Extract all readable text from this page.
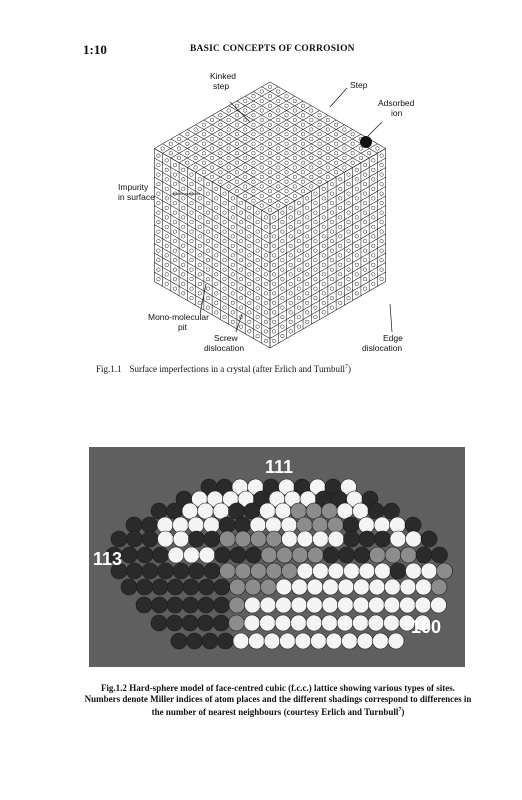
1:10	BASIC CONCEPTS OF CORROSION
Kinked
step	Step
Adsorbed
ion
Impurity
in surface
Mono-molecular
pit
Screw
dislocation
Edge
dislocation
Fig.1.1 Surface imperfections in a crystal (after Erlich and Turnbull$^7$)
111
113
100
Fig.1.2 Hard-sphere model of face-centred cubic (f.c.c.) lattice showing various types of sites. Numbers denote Miller indices of atom places and the different shadings correspond to differences in the number of nearest neighbours (courtesy Erlich and Turnbull$^7$)
